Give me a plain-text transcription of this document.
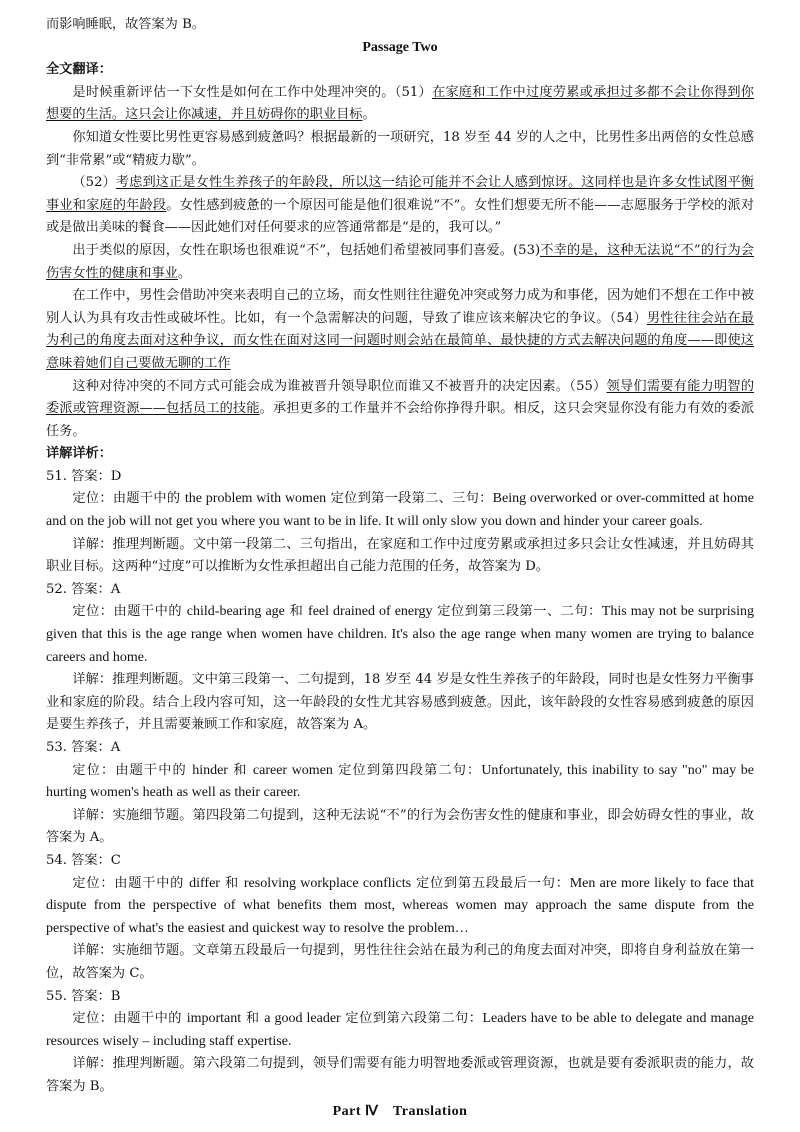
而影响睡眠，故答案为 B。

Passage Two

全文翻译：

是时候重新评估一下女性是如何在工作中处理冲突的。（51）在家庭和工作中过度劳累或承担过多都不会让你得到你想要的生活。这只会让你减速，并且妨碍你的职业目标。

你知道女性要比男性更容易感到疲惫吗？根据最新的一项研究，18 岁至 44 岁的人之中，比男性多出两倍的女性总感到“非常累”或“精疲力歇”。

（52）考虑到这正是女性生养孩子的年龄段，所以这一结论可能并不会让人感到惊讶。这同样也是许多女性试图平衡事业和家庭的年龄段。女性感到疲惫的一个原因可能是他们很难说“不”。女性们想要无所不能——志愿服务于学校的派对或是做出美味的餐食——因此她们对任何要求的应答通常都是“是的，我可以。”

出于类似的原因，女性在职场也很难说“不”，包括她们希望被同事们喜爱。(53)不幸的是，这种无法说“不”的行为会伤害女性的健康和事业。

在工作中，男性会借助冲突来表明自己的立场，而女性则往往避免冲突或努力成为和事佬，因为她们不想在工作中被别人认为具有攻击性或破坏性。比如，有一个急需解决的问题，导致了谁应该来解决它的争议。（54）男性往往会站在最为利己的角度去面对这种争议，而女性在面对这同一问题时则会站在最简单、最快捷的方式去解决问题的角度——即使这意味着她们自己要做无聊的工作

这种对待冲突的不同方式可能会成为谁被晋升领导职位而谁又不被晋升的决定因素。（55）领导们需要有能力明智的委派或管理资源——包括员工的技能。承担更多的工作量并不会给你挣得升职。相反，这只会突显你没有能力有效的委派任务。

详解详析：

51. 答案：D

定位：由题干中的 the problem with women 定位到第一段第二、三句：Being overworked or over-committed at home and on the job will not get you where you want to be in life. It will only slow you down and hinder your career goals.

详解：推理判断题。文中第一段第二、三句指出，在家庭和工作中过度劳累或承担过多只会让女性减速，并且妨碍其职业目标。这两种“过度”可以推断为女性承担超出自己能力范围的任务，故答案为 D。

52. 答案：A

定位：由题干中的 child-bearing age 和 feel drained of energy 定位到第三段第一、二句：This may not be surprising given that this is the age range when women have children. It's also the age range when many women are trying to balance careers and home.

详解：推理判断题。文中第三段第一、二句提到，18 岁至 44 岁是女性生养孩子的年龄段，同时也是女性努力平衡事业和家庭的阶段。结合上段内容可知，这一年龄段的女性尤其容易感到疲惫。因此，该年龄段的女性容易感到疲惫的原因是要生养孩子，并且需要兼顾工作和家庭，故答案为 A。

53. 答案：A

定位：由题干中的 hinder 和 career women 定位到第四段第二句：Unfortunately, this inability to say "no" may be hurting women's heath as well as their career.

详解：实施细节题。第四段第二句提到，这种无法说“不”的行为会伤害女性的健康和事业，即会妨碍女性的事业，故答案为 A。

54. 答案：C

定位：由题干中的 differ 和 resolving workplace conflicts 定位到第五段最后一句：Men are more likely to face that dispute from the perspective of what benefits them most, whereas women may approach the same dispute from the perspective of what's the easiest and quickest way to resolve the problem…

详解：实施细节题。文章第五段最后一句提到，男性往往会站在最为利己的角度去面对冲突，即将自身利益放在第一位，故答案为 C。

55. 答案：B

定位：由题干中的 important 和 a good leader 定位到第六段第二句：Leaders have to be able to delegate and manage resources wisely – including staff expertise.

详解：推理判断题。第六段第二句提到，领导们需要有能力明智地委派或管理资源，也就是要有委派职责的能力，故答案为 B。

Part Ⅳ　Translation
